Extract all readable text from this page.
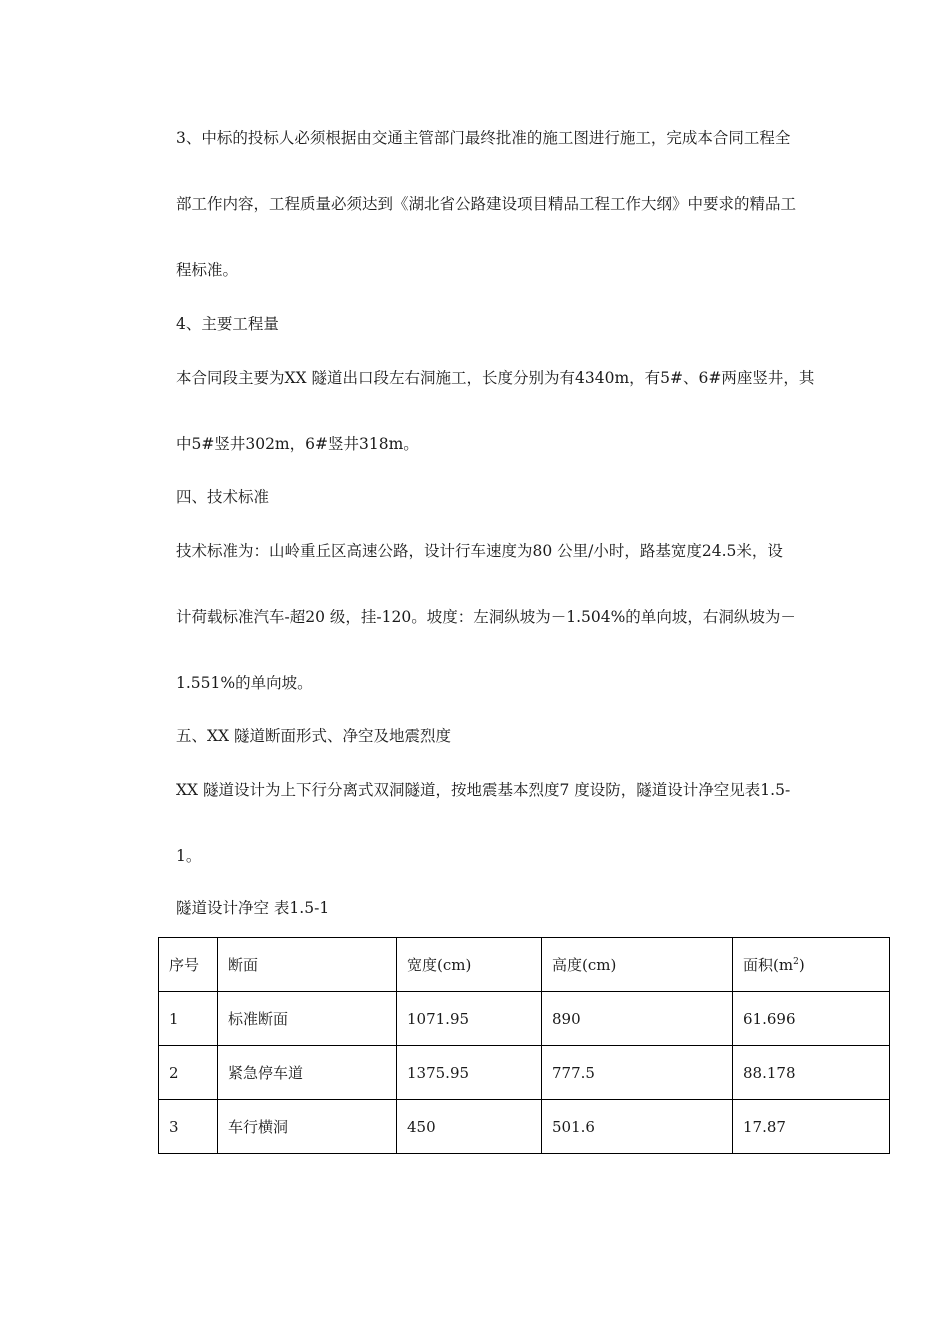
3、中标的投标人必须根据由交通主管部门最终批准的施工图进行施工，完成本合同工程全

部工作内容，工程质量必须达到《湖北省公路建设项目精品工程工作大纲》中要求的精品工

程标准。

4、主要工程量

本合同段主要为XX 隧道出口段左右洞施工，长度分别为有4340m，有5#、6#两座竖井，其

中5#竖井302m，6#竖井318m。

四、技术标准

技术标准为：山岭重丘区高速公路，设计行车速度为80 公里/小时，路基宽度24.5米，设

计荷载标准汽车-超20 级，挂-120。坡度：左洞纵坡为－1.504%的单向坡，右洞纵坡为－

1.551%的单向坡。

五、XX 隧道断面形式、净空及地震烈度

XX 隧道设计为上下行分离式双洞隧道，按地震基本烈度7 度设防，隧道设计净空见表1.5-

1。

隧道设计净空 表1.5-1

序号	断面	宽度(cm)	高度(cm)	面积$(m^2)$
1	标准断面	1071.95	890	61.696
2	紧急停车道	1375.95	777.5	88.178
3	车行横洞	450	501.6	17.87
